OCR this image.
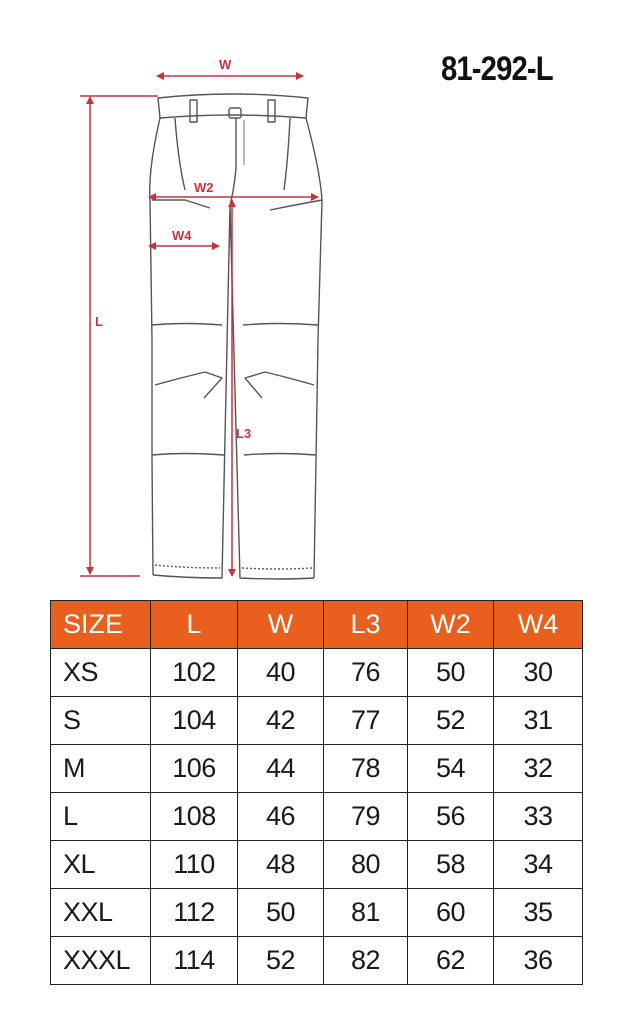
81-292-L
W
W2
W4
L
L3
SIZE	L	W	L3	W2	W4
XS	102	40	76	50	30
S	104	42	77	52	31
M	106	44	78	54	32
L	108	46	79	56	33
XL	110	48	80	58	34
XXL	112	50	81	60	35
XXXL	114	52	82	62	36
